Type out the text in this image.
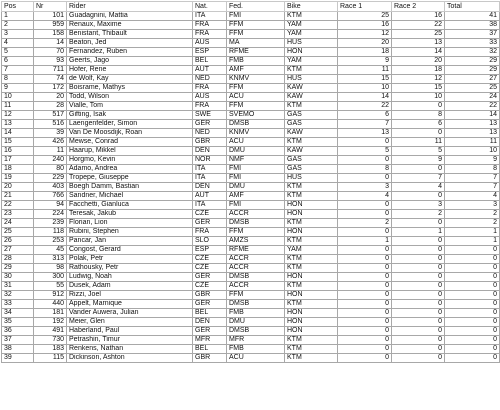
Pos	Nr	Rider	Nat.	Fed.	Bike	Race 1	Race 2	Total
1	101	Guadagnini, Mattia	ITA	FMI	KTM	25	16	41
2	959	Renaux, Maxime	FRA	FFM	YAM	16	22	38
3	158	Benistant, Thibault	FRA	FFM	YAM	12	25	37
4	14	Beaton, Jed	AUS	MA	HUS	20	13	33
5	70	Fernandez, Ruben	ESP	RFME	HON	18	14	32
6	93	Geerts, Jago	BEL	FMB	YAM	9	20	29
7	711	Hofer, Rene	AUT	AMF	KTM	11	18	29
8	74	de Wolf, Kay	NED	KNMV	HUS	15	12	27
9	172	Boisrame, Mathys	FRA	FFM	KAW	10	15	25
10	20	Todd, Wilson	AUS	ACU	KAW	14	10	24
11	28	Vialle, Tom	FRA	FFM	KTM	22	0	22
12	517	Gifting, Isak	SWE	SVEMO	GAS	6	8	14
13	516	Laengenfelder, Simon	GER	DMSB	GAS	7	6	13
14	39	Van De Moosdijk, Roan	NED	KNMV	KAW	13	0	13
15	426	Mewse, Conrad	GBR	ACU	KTM	0	11	11
16	11	Haarup, Mikkel	DEN	DMU	KAW	5	5	10
17	240	Horgmo, Kevin	NOR	NMF	GAS	0	9	9
18	80	Adamo, Andrea	ITA	FMI	GAS	8	0	8
19	229	Tropepe, Giuseppe	ITA	FMI	HUS	0	7	7
20	403	Boegh Damm, Bastian	DEN	DMU	KTM	3	4	7
21	766	Sandner, Michael	AUT	AMF	KTM	4	0	4
22	94	Facchetti, Gianluca	ITA	FMI	HON	0	3	3
23	224	Teresak, Jakub	CZE	ACCR	HON	0	2	2
24	239	Florian, Lion	GER	DMSB	KTM	2	0	2
25	118	Rubini, Stephen	FRA	FFM	HON	0	1	1
26	253	Pancar, Jan	SLO	AMZS	KTM	1	0	1
27	45	Congost, Gerard	ESP	RFME	YAM	0	0	0
28	313	Polak, Petr	CZE	ACCR	KTM	0	0	0
29	98	Rathousky, Petr	CZE	ACCR	KTM	0	0	0
30	300	Ludwig, Noah	GER	DMSB	HON	0	0	0
31	55	Dusek, Adam	CZE	ACCR	KTM	0	0	0
32	912	Rizzi, Joel	GBR	FFM	HON	0	0	0
33	440	Appelt, Marnique	GER	DMSB	KTM	0	0	0
34	181	Vander Auwera, Julian	BEL	FMB	HON	0	0	0
35	192	Meier, Glen	DEN	DMU	HON	0	0	0
36	491	Haberland, Paul	GER	DMSB	HON	0	0	0
37	730	Petrashin, Timur	MFR	MFR	KTM	0	0	0
38	183	Renkens, Nathan	BEL	FMB	KTM	0	0	0
39	115	Dickinson, Ashton	GBR	ACU	KTM	0	0	0
